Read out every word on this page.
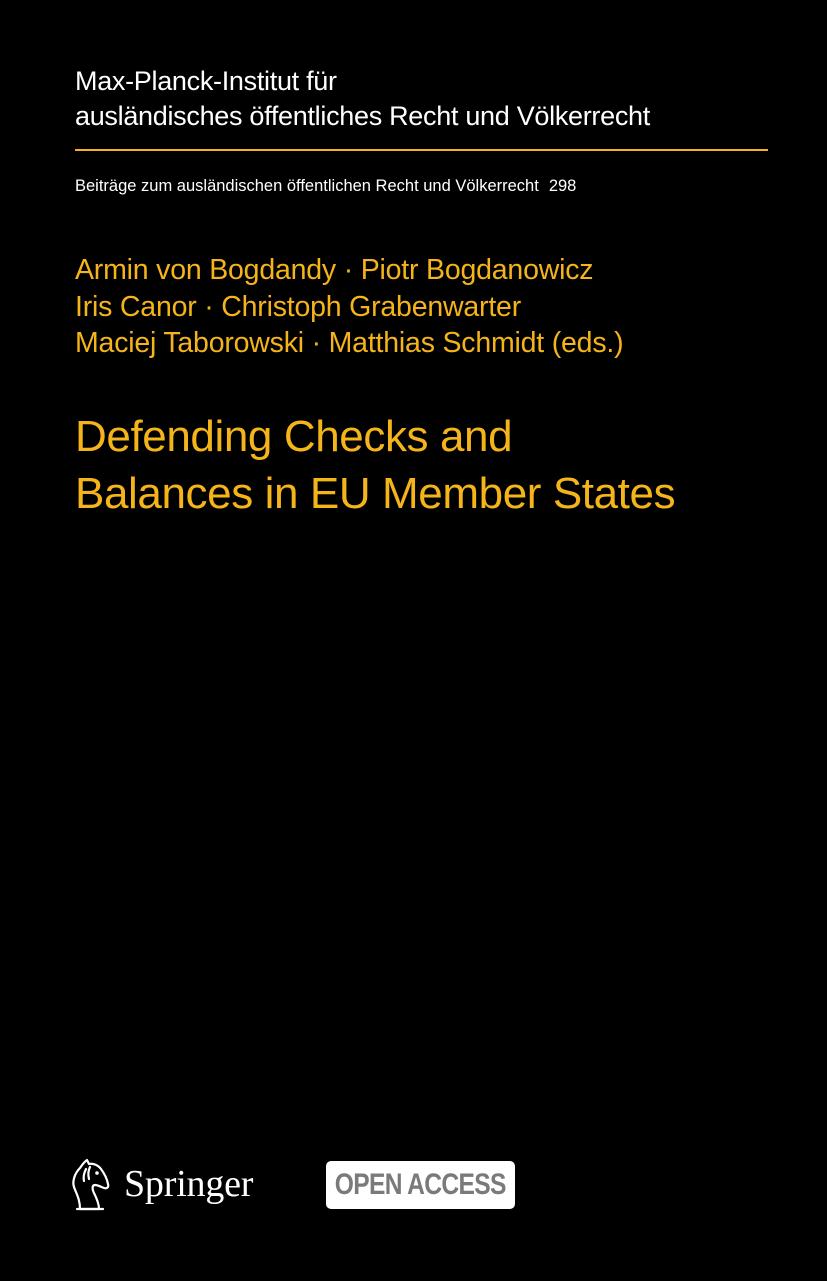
Max-Planck-Institut für
ausländisches öffentliches Recht und Völkerrecht
Beiträge zum ausländischen öffentlichen Recht und Völkerrecht 298
Armin von Bogdandy · Piotr Bogdanowicz
Iris Canor · Christoph Grabenwarter
Maciej Taborowski · Matthias Schmidt (eds.)
Defending Checks and
Balances in EU Member States
Springer	OPEN ACCESS
